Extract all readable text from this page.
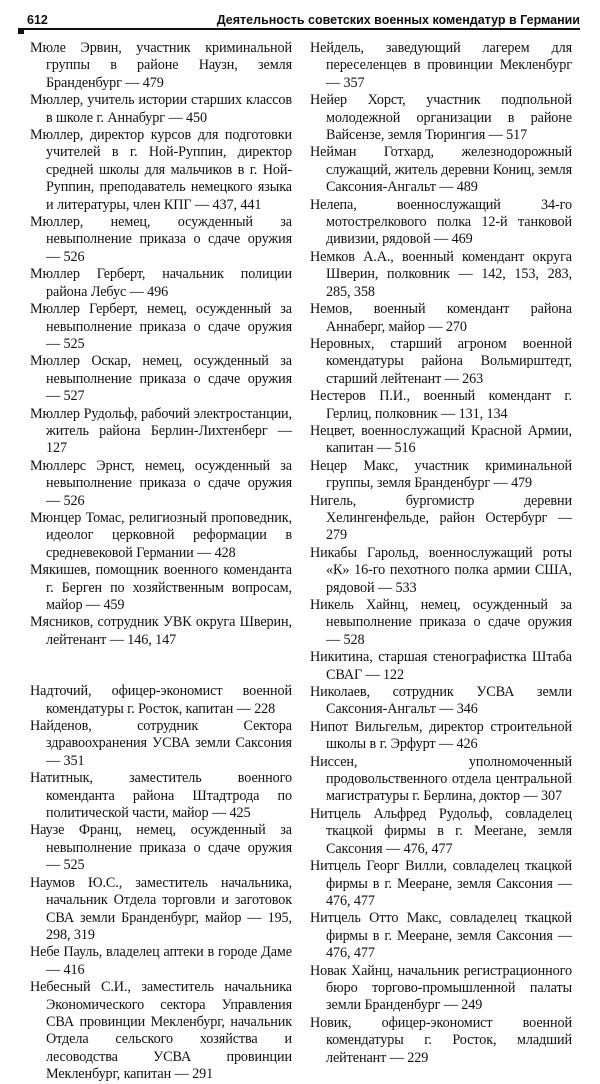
612	Деятельность советских военных комендатур в Германии

Мюле Эрвин, участник криминальной группы в районе Наузн, земля Бранденбург — 479

Мюллер, учитель истории старших классов в школе г. Аннабург — 450

Мюллер, директор курсов для подготовки учителей в г. Ной-Руппин, директор средней школы для мальчиков в г. Ной-Руппин, преподаватель немецкого языка и литературы, член КПГ — 437, 441

Мюллер, немец, осужденный за невыполнение приказа о сдаче оружия — 526

Мюллер Герберт, начальник полиции района Лебус — 496

Мюллер Герберт, немец, осужденный за невыполнение приказа о сдаче оружия — 525

Мюллер Оскар, немец, осужденный за невыполнение приказа о сдаче оружия — 527

Мюллер Рудольф, рабочий электростанции, житель района Берлин-Лихтенберг — 127

Мюллерс Эрнст, немец, осужденный за невыполнение приказа о сдаче оружия — 526

Мюнцер Томас, религиозный проповедник, идеолог церковной реформации в средневековой Германии — 428

Мякишев, помощник военного коменданта г. Берген по хозяйственным вопросам, майор — 459

Мясников, сотрудник УВК округа Шверин, лейтенант — 146, 147

Надточий, офицер-экономист военной комендатуры г. Росток, капитан — 228

Найденов, сотрудник Сектора здравоохранения УСВА земли Саксония — 351

Натитнык, заместитель военного коменданта района Штадтрода по политической части, майор — 425

Наузе Франц, немец, осужденный за невыполнение приказа о сдаче оружия — 525

Наумов Ю.С., заместитель начальника, начальник Отдела торговли и заготовок СВА земли Бранденбург, майор — 195, 298, 319

Небе Пауль, владелец аптеки в городе Даме — 416

Небесный С.И., заместитель начальника Экономического сектора Управления СВА провинции Мекленбург, начальник Отдела сельского хозяйства и лесоводства УСВА провинции Мекленбург, капитан — 291

Нейдель, заведующий лагерем для переселенцев в провинции Мекленбург — 357

Нейер Хорст, участник подпольной молодежной организации в районе Вайсензе, земля Тюрингия — 517

Нейман Готхард, железнодорожный служащий, житель деревни Кониц, земля Саксония-Ангальт — 489

Нелепа, военнослужащий 34-го мотострелкового полка 12-й танковой дивизии, рядовой — 469

Немков А.А., военный комендант округа Шверин, полковник — 142, 153, 283, 285, 358

Немов, военный комендант района Аннаберг, майор — 270

Неровных, старший агроном военной комендатуры района Вольмирштедт, старший лейтенант — 263

Нестеров П.И., военный комендант г. Герлиц, полковник — 131, 134

Нецвет, военнослужащий Красной Армии, капитан — 516

Нецер Макс, участник криминальной группы, земля Бранденбург — 479

Нигель, бургомистр деревни Хелингенфельде, район Остербург — 279

Никабы Гарольд, военнослужащий роты «К» 16-го пехотного полка армии США, рядовой — 533

Никель Хайнц, немец, осужденный за невыполнение приказа о сдаче оружия — 528

Никитина, старшая стенографистка Штаба СВАГ — 122

Николаев, сотрудник УСВА земли Саксония-Ангальт — 346

Нипот Вильгельм, директор строительной школы в г. Эрфурт — 426

Ниссен, уполномоченный продовольственного отдела центральной магистратуры г. Берлина, доктор — 307

Нитцель Альфред Рудольф, совладелец ткацкой фирмы в г. Меerане, земля Саксония — 476, 477

Нитцель Георг Вилли, совладелец ткацкой фирмы в г. Меерaне, земля Саксония — 476, 477

Нитцель Отто Макс, совладелец ткацкой фирмы в г. Меерaне, земля Саксония — 476, 477

Новак Хайнц, начальник регистрационного бюро торгово-промышленной палаты земли Бранденбург — 249

Новик, офицер-экономист военной комендатуры г. Росток, младший лейтенант — 229
